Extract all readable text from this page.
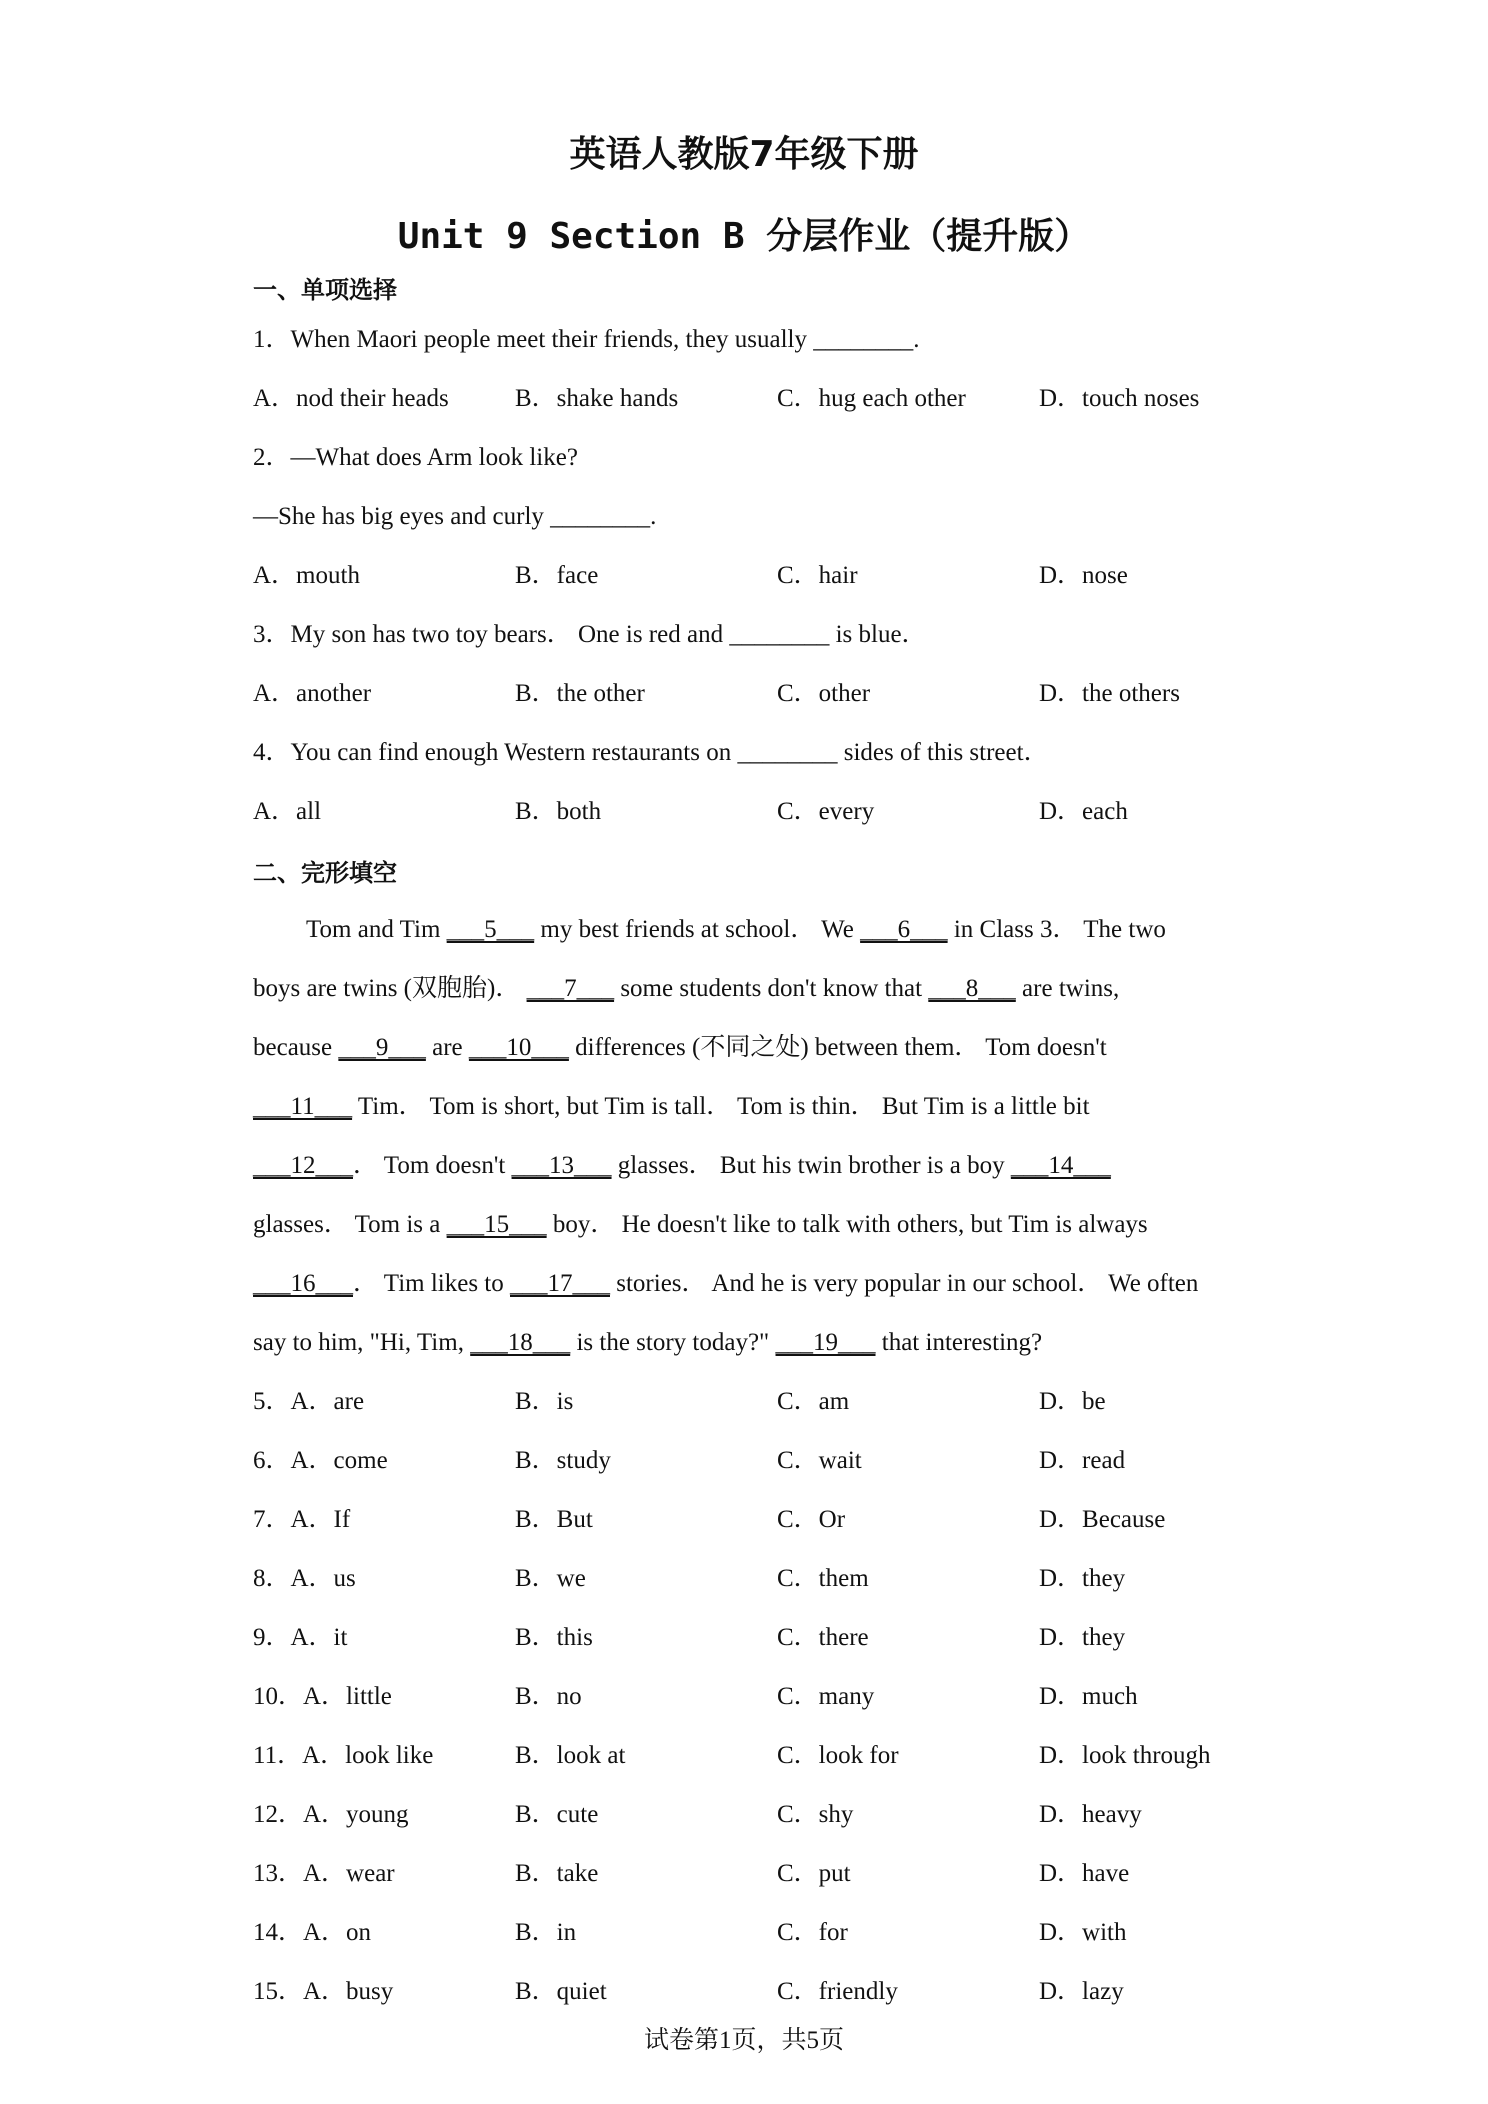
英语人教版7年级下册
Unit 9 Section B 分层作业（提升版）
一、单项选择
1．When Maori people meet their friends, they usually ________.
A．nod their heads	B．shake hands	C．hug each other	D．touch noses
2．—What does Arm look like?
—She has big eyes and curly ________.
A．mouth	B．face	C．hair	D．nose
3．My son has two toy bears． One is red and ________ is blue．
A．another	B．the other	C．other	D．the others
4．You can find enough Western restaurants on ________ sides of this street．
A．all	B．both	C．every	D．each
二、完形填空
Tom and Tim ___5___ my best friends at school． We ___6___ in Class 3． The two
boys are twins (双胞胎)． ___7___ some students don't know that ___8___ are twins,
because ___9___ are ___10___ differences (不同之处) between them． Tom doesn't
___11___ Tim． Tom is short, but Tim is tall． Tom is thin． But Tim is a little bit
___12___． Tom doesn't ___13___ glasses． But his twin brother is a boy ___14___
glasses． Tom is a ___15___ boy． He doesn't like to talk with others, but Tim is always
___16___． Tim likes to ___17___ stories． And he is very popular in our school． We often
say to him, "Hi, Tim, ___18___ is the story today?" ___19___ that interesting?
5．A．are	B．is	C．am	D．be
6．A．come	B．study	C．wait	D．read
7．A．If	B．But	C．Or	D．Because
8．A．us	B．we	C．them	D．they
9．A．it	B．this	C．there	D．they
10．A．little	B．no	C．many	D．much
11．A．look like	B．look at	C．look for	D．look through
12．A．young	B．cute	C．shy	D．heavy
13．A．wear	B．take	C．put	D．have
14．A．on	B．in	C．for	D．with
15．A．busy	B．quiet	C．friendly	D．lazy
试卷第1页，共5页
